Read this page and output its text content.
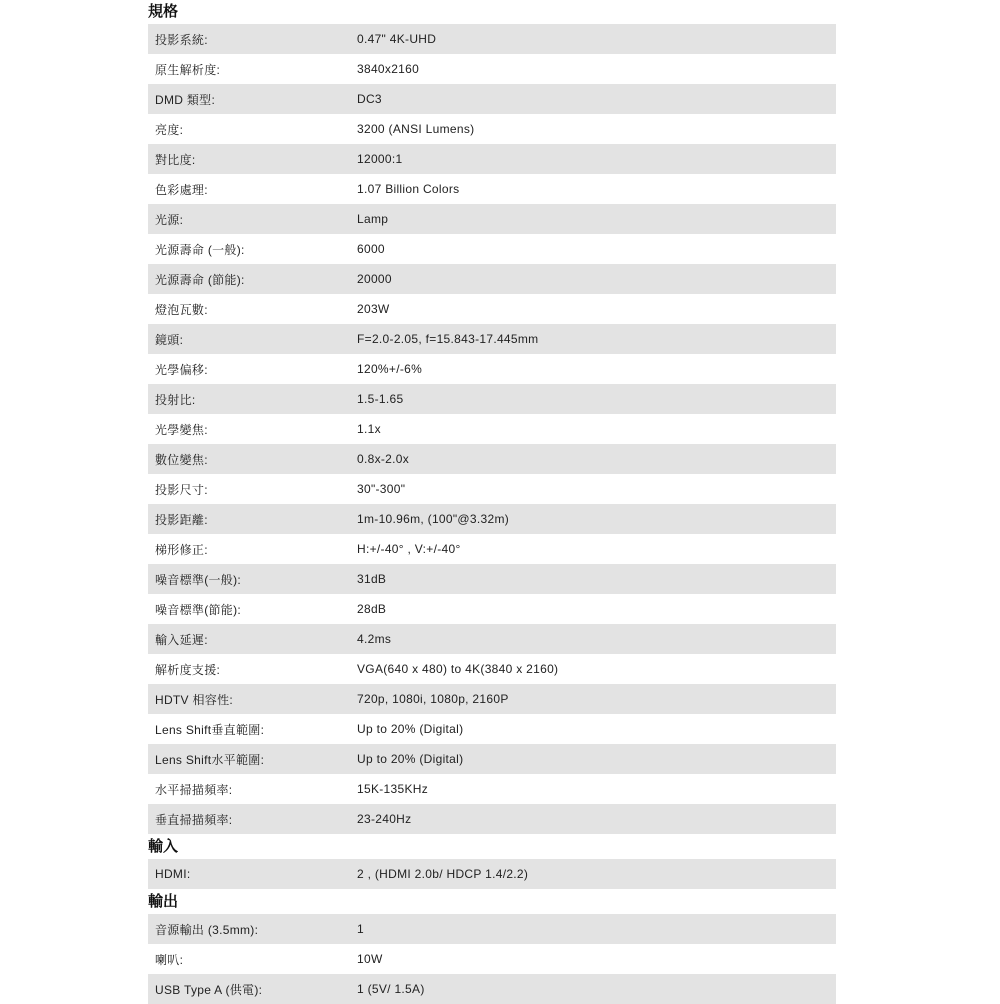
規格
投影系統:	0.47" 4K-UHD
原生解析度:	3840x2160
DMD 類型:	DC3
亮度:	3200 (ANSI Lumens)
對比度:	12000:1
色彩處理:	1.07 Billion Colors
光源:	Lamp
光源壽命 (一般):	6000
光源壽命 (節能):	20000
燈泡瓦數:	203W
鏡頭:	F=2.0-2.05, f=15.843-17.445mm
光學偏移:	120%+/-6%
投射比:	1.5-1.65
光學變焦:	1.1x
數位變焦:	0.8x-2.0x
投影尺寸:	30"-300"
投影距離:	1m-10.96m, (100"@3.32m)
梯形修正:	H:+/-40° , V:+/-40°
噪音標準(一般):	31dB
噪音標準(節能):	28dB
輸入延遲:	4.2ms
解析度支援:	VGA(640 x 480) to 4K(3840 x 2160)
HDTV 相容性:	720p, 1080i, 1080p, 2160P
Lens Shift垂直範圍:	Up to 20% (Digital)
Lens Shift水平範圍:	Up to 20% (Digital)
水平掃描頻率:	15K-135KHz
垂直掃描頻率:	23-240Hz
輸入
HDMI:	2 , (HDMI 2.0b/ HDCP 1.4/2.2)
輸出
音源輸出 (3.5mm):	1
喇叭:	10W
USB Type A (供電):	1 (5V/ 1.5A)
